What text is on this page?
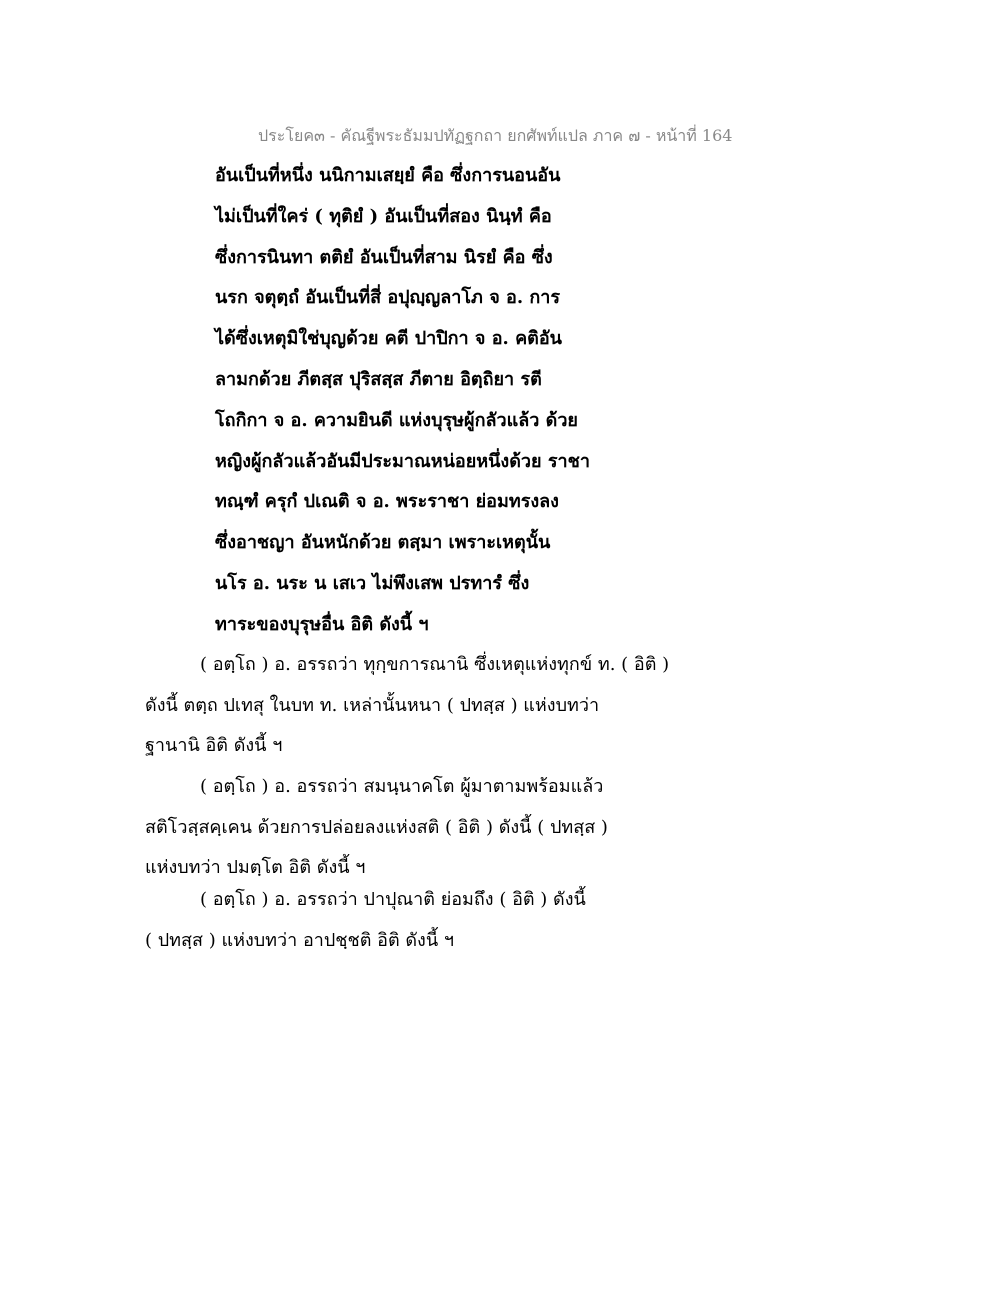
ประโยค๓ - คัณฐีพระธัมมปทัฏฐกถา ยกศัพท์แปล ภาค ๗ - หน้าที่ 164
อันเป็นที่หนึ่ง นนิกามเสยฺยํ คือ ซึ่งการนอนอัน
ไม่เป็นที่ใคร่ ( ทุติยํ ) อันเป็นที่สอง นินฺทํ คือ
ซึ่งการนินทา ตติยํ อันเป็นที่สาม นิรยํ คือ ซึ่ง
นรก จตุตฺถํ อันเป็นที่สี่ อปุญฺญลาโภ จ อ. การ
ได้ซึ่งเหตุมิใช่บุญด้วย คตี ปาปิกา จ อ. คติอัน
ลามกด้วย ภีตสฺส ปุริสสฺส ภีตาย อิตฺถิยา รตี
โถกิกา จ อ. ความยินดี แห่งบุรุษผู้กลัวแล้ว ด้วย
หญิงผู้กลัวแล้วอันมีประมาณหน่อยหนึ่งด้วย ราชา
ทณฺฑํ ครุกํ ปเณติ จ อ. พระราชา ย่อมทรงลง
ซึ่งอาชญา อันหนักด้วย ตสฺมา เพราะเหตุนั้น
นโร อ. นระ น เสเว ไม่พึงเสพ ปรทารํ ซึ่ง
ทาระของบุรุษอื่น อิติ ดังนี้ ฯ
( อตฺโถ ) อ. อรรถว่า ทุกฺขการณานิ ซึ่งเหตุแห่งทุกข์ ท. ( อิติ )
ดังนี้ ตตฺถ ปเทสุ ในบท ท. เหล่านั้นหนา ( ปทสฺส ) แห่งบทว่า
ฐานานิ อิติ ดังนี้ ฯ
( อตฺโถ ) อ. อรรถว่า สมนฺนาคโต ผู้มาตามพร้อมแล้ว
สติโวสฺสคฺเคน ด้วยการปล่อยลงแห่งสติ ( อิติ ) ดังนี้ ( ปทสฺส )
แห่งบทว่า ปมตฺโต อิติ ดังนี้ ฯ
( อตฺโถ ) อ. อรรถว่า ปาปุณาติ ย่อมถึง ( อิติ ) ดังนี้
( ปทสฺส ) แห่งบทว่า อาปชฺชติ อิติ ดังนี้ ฯ
